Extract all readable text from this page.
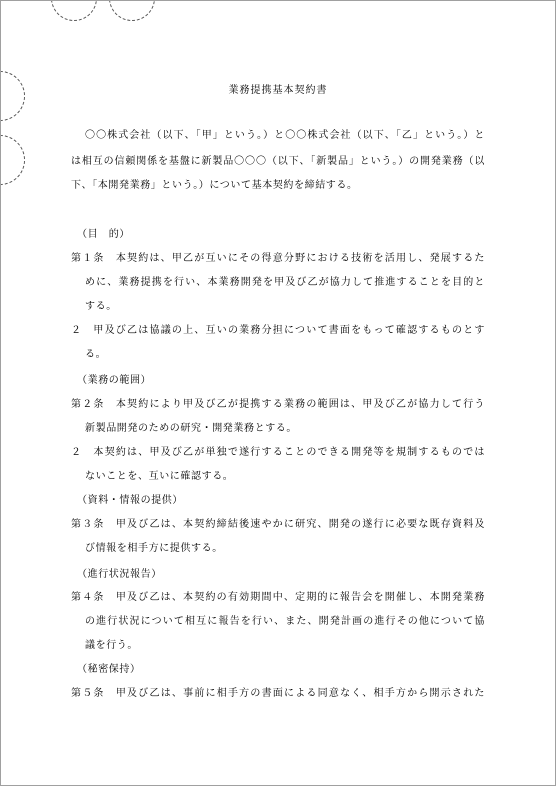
業務提携基本契約書
〇〇株式会社（以下、「甲」という。）と〇〇株式会社（以下、「乙」という。）と
は相互の信頼関係を基盤に新製品〇〇〇（以下、「新製品」という。）の開発業務（以
下、「本開発業務」という。）について基本契約を締結する。
（目　的）
第１条　本契約は、甲乙が互いにその得意分野における技術を活用し、発展するた
めに、業務提携を行い、本業務開発を甲及び乙が協力して推進することを目的と
する。
２　甲及び乙は協議の上、互いの業務分担について書面をもって確認するものとす
る。
（業務の範囲）
第２条　本契約により甲及び乙が提携する業務の範囲は、甲及び乙が協力して行う
新製品開発のための研究・開発業務とする。
２　本契約は、甲及び乙が単独で遂行することのできる開発等を規制するものでは
ないことを、互いに確認する。
（資料・情報の提供）
第３条　甲及び乙は、本契約締結後速やかに研究、開発の遂行に必要な既存資料及
び情報を相手方に提供する。
（進行状況報告）
第４条　甲及び乙は、本契約の有効期間中、定期的に報告会を開催し、本開発業務
の進行状況について相互に報告を行い、また、開発計画の進行その他について協
議を行う。
（秘密保持）
第５条　甲及び乙は、事前に相手方の書面による同意なく、相手方から開示された
